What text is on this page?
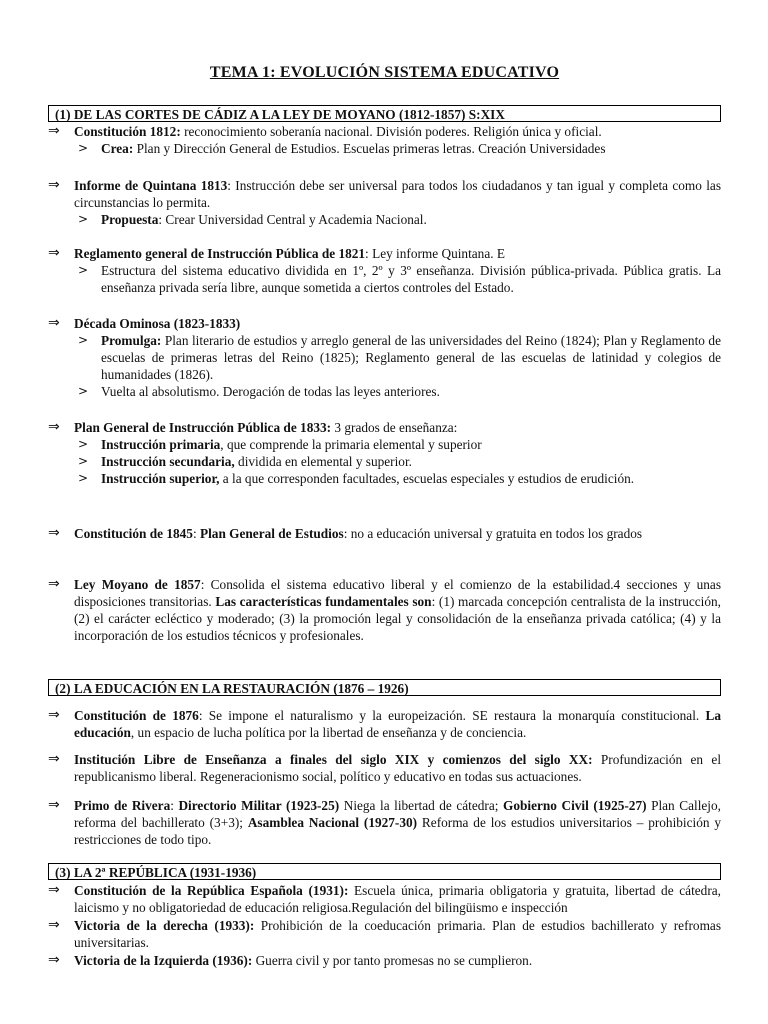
TEMA 1: EVOLUCIÓN SISTEMA EDUCATIVO
(1) DE LAS CORTES DE CÁDIZ A LA LEY DE MOYANO (1812-1857) S:XIX
⇒ Constitución 1812: reconocimiento soberanía nacional. División poderes. Religión única y oficial.
> Crea: Plan y Dirección General de Estudios. Escuelas primeras letras. Creación Universidades
⇒ Informe de Quintana 1813: Instrucción debe ser universal para todos los ciudadanos y tan igual y completa como las circunstancias lo permita.
> Propuesta: Crear Universidad Central y Academia Nacional.
⇒ Reglamento general de Instrucción Pública de 1821: Ley informe Quintana. E
> Estructura del sistema educativo dividida en 1º, 2º y 3º enseñanza. División pública-privada. Pública gratis. La enseñanza privada sería libre, aunque sometida a ciertos controles del Estado.
⇒ Década Ominosa (1823-1833)
> Promulga: Plan literario de estudios y arreglo general de las universidades del Reino (1824); Plan y Reglamento de escuelas de primeras letras del Reino (1825); Reglamento general de las escuelas de latinidad y colegios de humanidades (1826).
> Vuelta al absolutismo. Derogación de todas las leyes anteriores.
⇒ Plan General de Instrucción Pública de 1833: 3 grados de enseñanza:
> Instrucción primaria, que comprende la primaria elemental y superior
> Instrucción secundaria, dividida en elemental y superior.
> Instrucción superior, a la que corresponden facultades, escuelas especiales y estudios de erudición.
⇒ Constitución de 1845: Plan General de Estudios: no a educación universal y gratuita en todos los grados
⇒ Ley Moyano de 1857: Consolida el sistema educativo liberal y el comienzo de la estabilidad.4 secciones y unas disposiciones transitorias. Las características fundamentales son: (1) marcada concepción centralista de la instrucción, (2) el carácter ecléctico y moderado; (3) la promoción legal y consolidación de la enseñanza privada católica; (4) y la incorporación de los estudios técnicos y profesionales.
(2) LA EDUCACIÓN EN LA RESTAURACIÓN (1876 – 1926)
⇒ Constitución de 1876: Se impone el naturalismo y la europeización. SE restaura la monarquía constitucional. La educación, un espacio de lucha política por la libertad de enseñanza y de conciencia.
⇒ Institución Libre de Enseñanza a finales del siglo XIX y comienzos del siglo XX: Profundización en el republicanismo liberal. Regeneracionismo social, político y educativo en todas sus actuaciones.
⇒ Primo de Rivera: Directorio Militar (1923-25) Niega la libertad de cátedra; Gobierno Civil (1925-27) Plan Callejo, reforma del bachillerato (3+3); Asamblea Nacional (1927-30) Reforma de los estudios universitarios – prohibición y restricciones de todo tipo.
(3) LA 2ª REPÚBLICA (1931-1936)
⇒ Constitución de la República Española (1931): Escuela única, primaria obligatoria y gratuita, libertad de cátedra, laicismo y no obligatoriedad de educación religiosa.Regulación del bilingüismo e inspección
⇒ Victoria de la derecha (1933): Prohibición de la coeducación primaria. Plan de estudios bachillerato y refromas universitarias.
⇒ Victoria de la Izquierda (1936): Guerra civil y por tanto promesas no se cumplieron.
